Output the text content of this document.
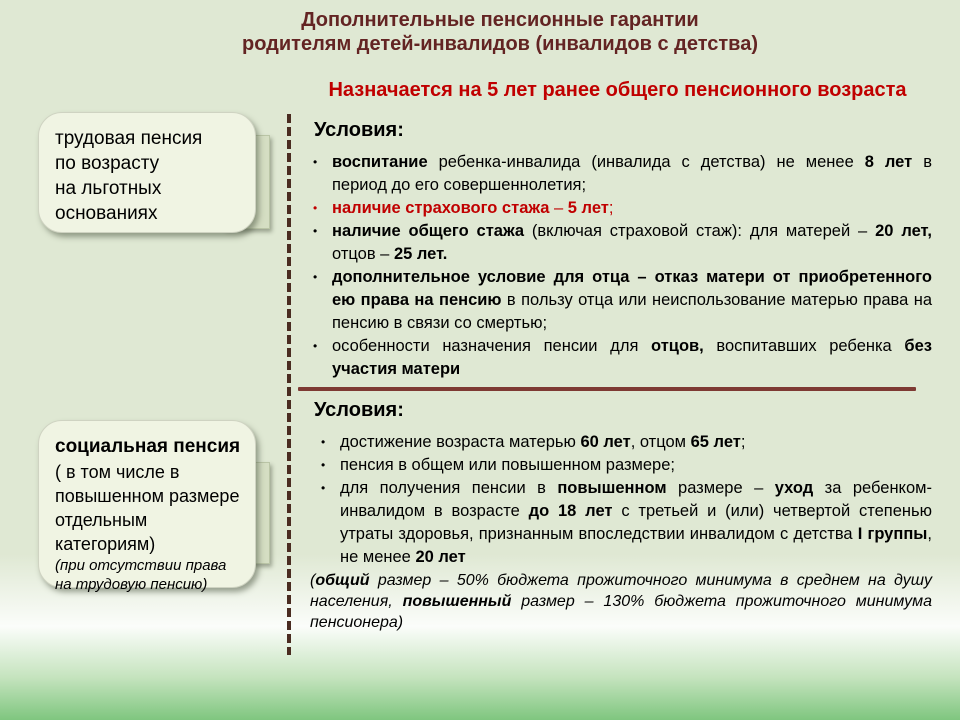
Дополнительные пенсионные гарантии
родителям детей-инвалидов (инвалидов с детства)
Назначается на 5 лет ранее общего пенсионного возраста
трудовая пенсия
по возрасту
на льготных
основаниях
социальная пенсия
( в том числе в
повышенном размере
отдельным категориям)
(при отсутствии права
на трудовую пенсию)
Условия:
• воспитание ребенка-инвалида (инвалида с детства) не менее 8 лет в период до его совершеннолетия;
• наличие страхового стажа – 5 лет;
• наличие общего стажа (включая страховой стаж): для матерей – 20 лет, отцов – 25 лет.
• дополнительное условие для отца – отказ матери от приобретенного ею права на пенсию в пользу отца или неиспользование матерью права на пенсию в связи со смертью;
• особенности назначения пенсии для отцов, воспитавших ребенка без участия матери
Условия:
• достижение возраста матерью 60 лет, отцом 65 лет;
• пенсия в общем или повышенном размере;
• для получения пенсии в повышенном размере – уход за ребенком-инвалидом в возрасте до 18 лет с третьей и (или) четвертой степенью утраты здоровья, признанным впоследствии инвалидом с детства I группы, не менее 20 лет
(общий размер – 50% бюджета прожиточного минимума в среднем на душу населения, повышенный размер – 130% бюджета прожиточного минимума пенсионера)
